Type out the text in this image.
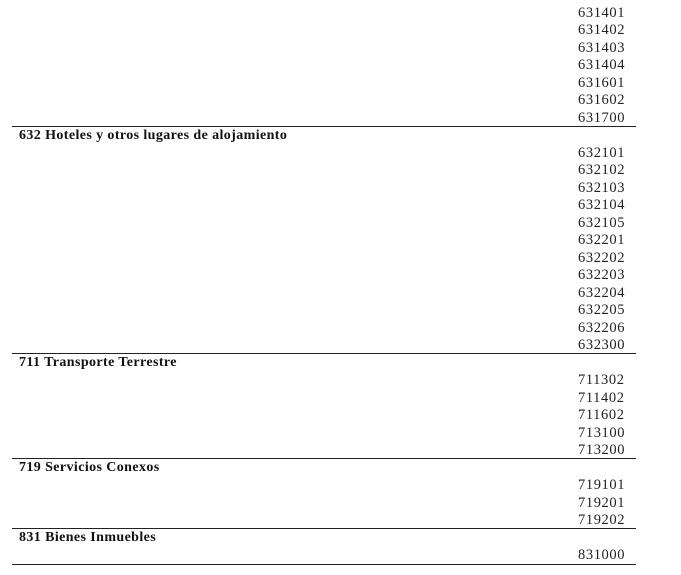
631401
631402
631403
631404
631601
631602
631700
632 Hoteles y otros lugares de alojamiento
632101
632102
632103
632104
632105
632201
632202
632203
632204
632205
632206
632300
711 Transporte Terrestre
711302
711402
711602
713100
713200
719 Servicios Conexos
719101
719201
719202
831 Bienes Inmuebles
831000
